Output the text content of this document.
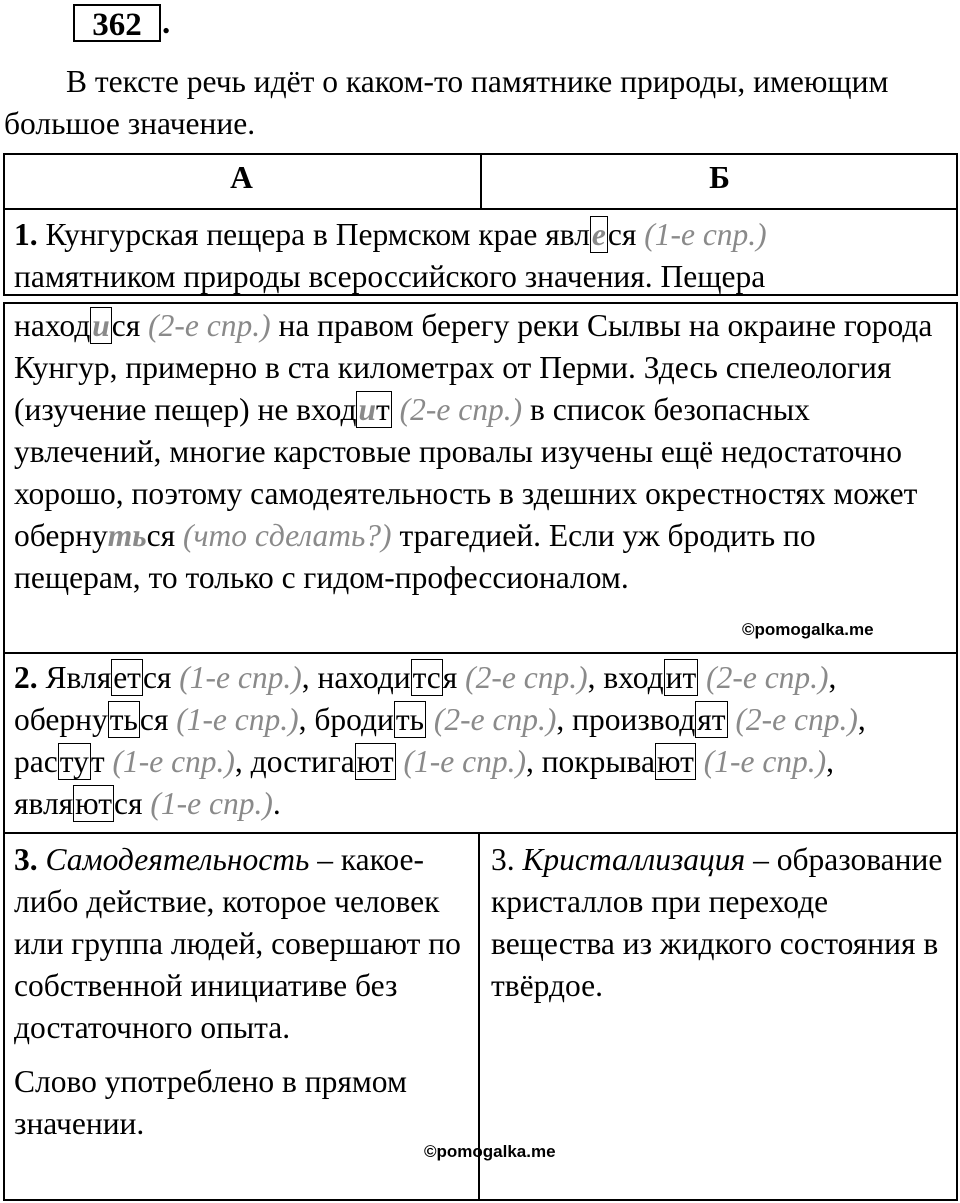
362 .
В тексте речь идёт о каком-то памятнике природы, имеющим большое значение.
А	Б

1. Кунгурская пещера в Пермском крае явлеся (1-е спр.)
памятником природы всероссийского значения. Пещера

находися (2-е спр.) на правом берегу реки Сылвы на окраине города Кунгур, примерно в ста километрах от Перми. Здесь спелеология (изучение пещер) не входит (2-е спр.) в список безопасных увлечений, многие карстовые провалы изучены ещё недостаточно хорошо, поэтому самодеятельность в здешних окрестностях может обернуться (что сделать?) трагедией. Если уж бродить по пещерам, то только с гидом-профессионалом.

©pomogalka.me

2. Является (1-е спр.), находится (2-е спр.), входит (2-е спр.), обернуться (1-е спр.), бродить (2-е спр.), производят (2-е спр.), растут (1-е спр.), достигают (1-е спр.), покрывают (1-е спр.), являются (1-е спр.).

3. Самодеятельность – какое-либо действие, которое человек или группа людей, совершают по собственной инициативе без достаточного опыта.

Слово употреблено в прямом значении.

3. Кристаллизация – образование кристаллов при переходе вещества из жидкого состояния в твёрдое.

©pomogalka.me
